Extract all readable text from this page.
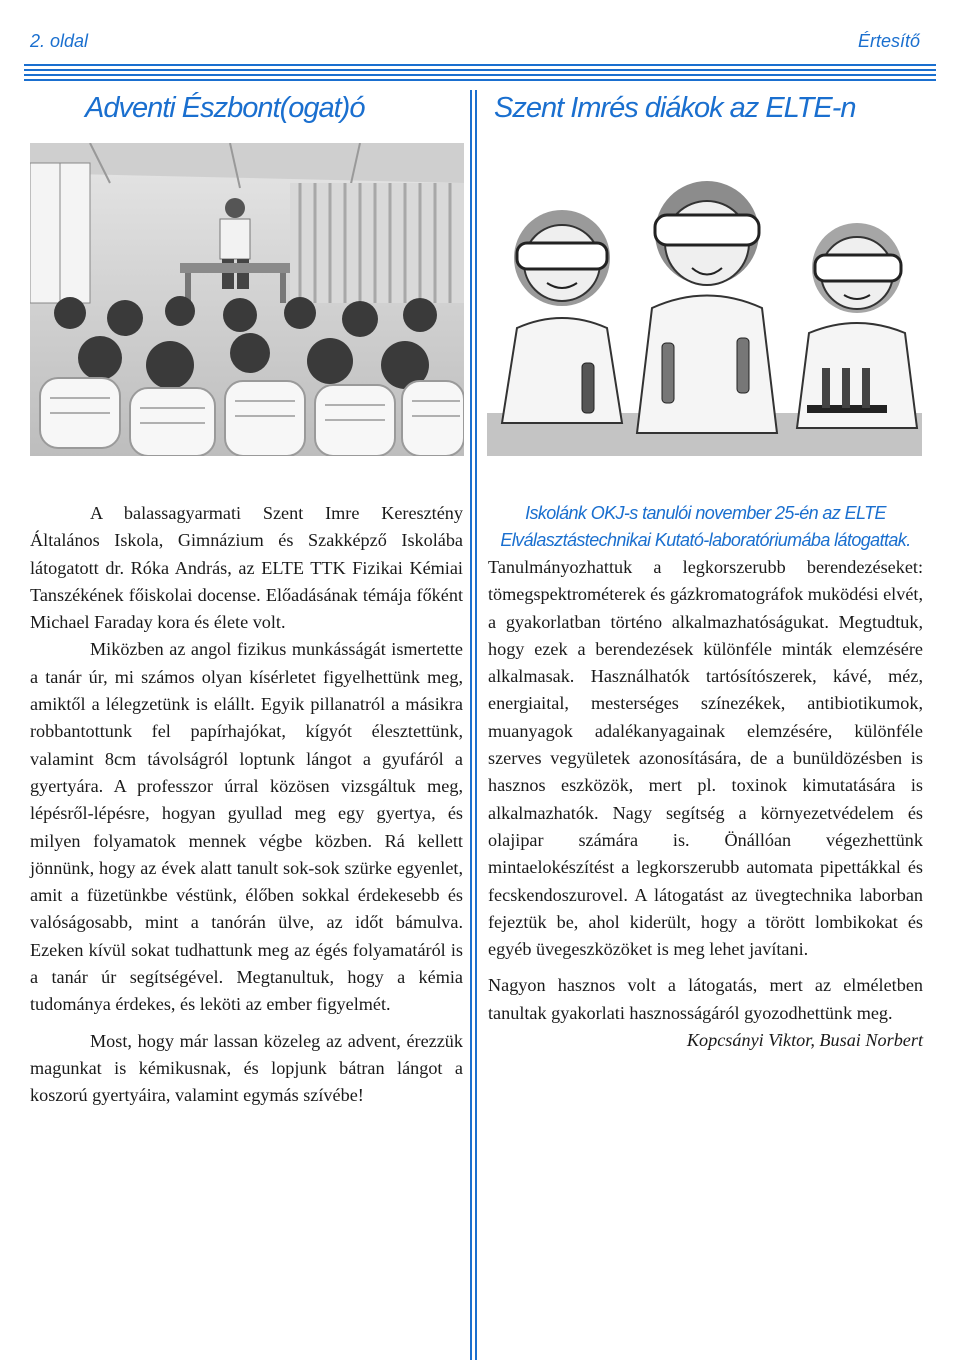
2. oldal	Értesítő
Adventi Észbont(ogat)ó	Szent Imrés diákok az ELTE-n

A balassagyarmati Szent Imre Keresztény Általános Iskola, Gimnázium és Szakképző Iskolába látogatott dr. Róka András, az ELTE TTK Fizikai Kémiai Tanszékének főiskolai docense. Előadásának témája főként Michael Faraday kora és élete volt.

Miközben az angol fizikus munkásságát ismertette a tanár úr, mi számos olyan kísérletet figyelhettünk meg, amiktől a lélegzetünk is elállt. Egyik pillanatról a másikra robbantottunk fel papírhajókat, kígyót élesztettünk, valamint 8cm távolságról loptunk lángot a gyufáról a gyertyára. A professzor úrral közösen vizsgáltuk meg, lépésről-lépésre, hogyan gyullad meg egy gyertya, és milyen folyamatok mennek végbe közben. Rá kellett jönnünk, hogy az évek alatt tanult sok-sok szürke egyenlet, amit a füzetünkbe véstünk, élőben sokkal érdekesebb és valóságosabb, mint a tanórán ülve, az időt bámulva. Ezeken kívül sokat tudhattunk meg az égés folyamatáról is a tanár úr segítségével. Megtanultuk, hogy a kémia tudománya érdekes, és leköti az ember figyelmét.

Most, hogy már lassan közeleg az advent, érezzük magunkat is kémikusnak, és lopjunk bátran lángot a koszorú gyertyáira, valamint egymás szívébe!

Iskolánk OKJ-s tanulói november 25-én az ELTE Elválasztástechnikai Kutató-laboratóriumába látogattak.

Tanulmányozhattuk a legkorszerubb berendezéseket: tömegspektrométerek és gázkromatográfok muködési elvét, a gyakorlatban történo alkalmazhatóságukat. Megtudtuk, hogy ezek a berendezések különféle minták elemzésére alkalmasak. Használhatók tartósítószerek, kávé, méz, energiaital, mesterséges színezékek, antibiotikumok, muanyagok adalékanyagainak elemzésére, különféle szerves vegyületek azonosítására, de a bunüldözésben is hasznos eszközök, mert pl. toxinok kimutatására is alkalmazhatók. Nagy segítség a környezetvédelem és olajipar számára is. Önállóan végezhettünk mintaelokészítést a legkorszerubb automata pipettákkal és fecskendoszurovel. A látogatást az üvegtechnika laborban fejeztük be, ahol kiderült, hogy a törött lombikokat és egyéb üvegeszközöket is meg lehet javítani.

Nagyon hasznos volt a látogatás, mert az elméletben tanultak gyakorlati hasznosságáról gyozodhettünk meg.

Kopcsányi Viktor, Busai Norbert
